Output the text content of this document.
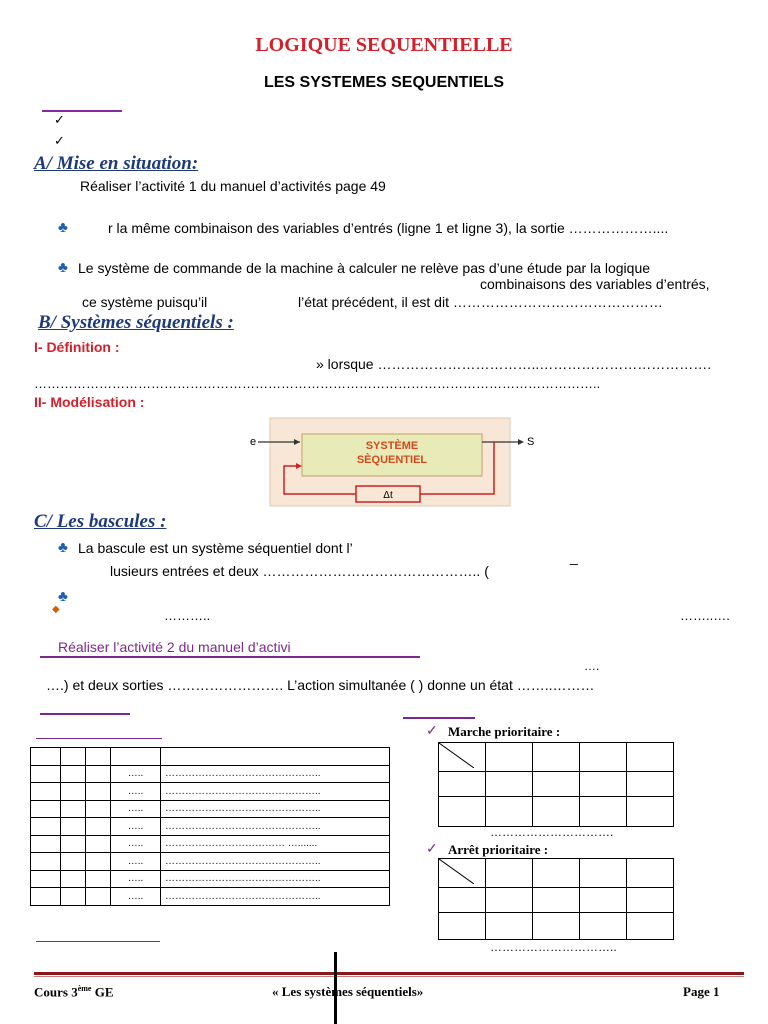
LOGIQUE SEQUENTIELLE
LES SYSTEMES SEQUENTIELS
✓
✓
A/ Mise en situation:
Réaliser l’activité 1 du manuel d’activités page 49
♣	r la même combinaison des variables d’entrés (ligne 1 et ligne 3), la sortie ………………....
♣ Le système de commande de la machine à calculer ne relève pas d’une étude par la logique
combinaisons des variables d’entrés,
ce système puisqu’il	l’état précédent, il est dit ………………………………………
B/ Systèmes séquentiels :
I- Définition :
» lorsque ……………………………..……………………………….
…………………………………………………………………………………………………………………..
II- Modélisation :
SYSTÈME
SÈQUENTIEL
e	S
Δt
C/ Les bascules :
♣ La bascule est un système séquentiel dont l’
_
lusieurs entrées et deux ……………………………………….. (
♣
◆	………..	……..….
Réaliser l’activité 2 du manuel d’activi
….
….) et deux sorties ……………………. L’action simultanée ( ) donne un état ……..………

			…..	………………………………………..
			…..	………………………………………..
			…..	………………………………………..
			…..	………………………………………..
			…..	……………………………… ….......
			…..	………………………………………..
			…..	………………………………………..
			…..	………………………………………..
✓ Marche prioritaire :

………………………….
✓ Arrêt prioritaire :

…………………………..
Cours 3ème GE	« Les systèmes séquentiels»	Page 1
